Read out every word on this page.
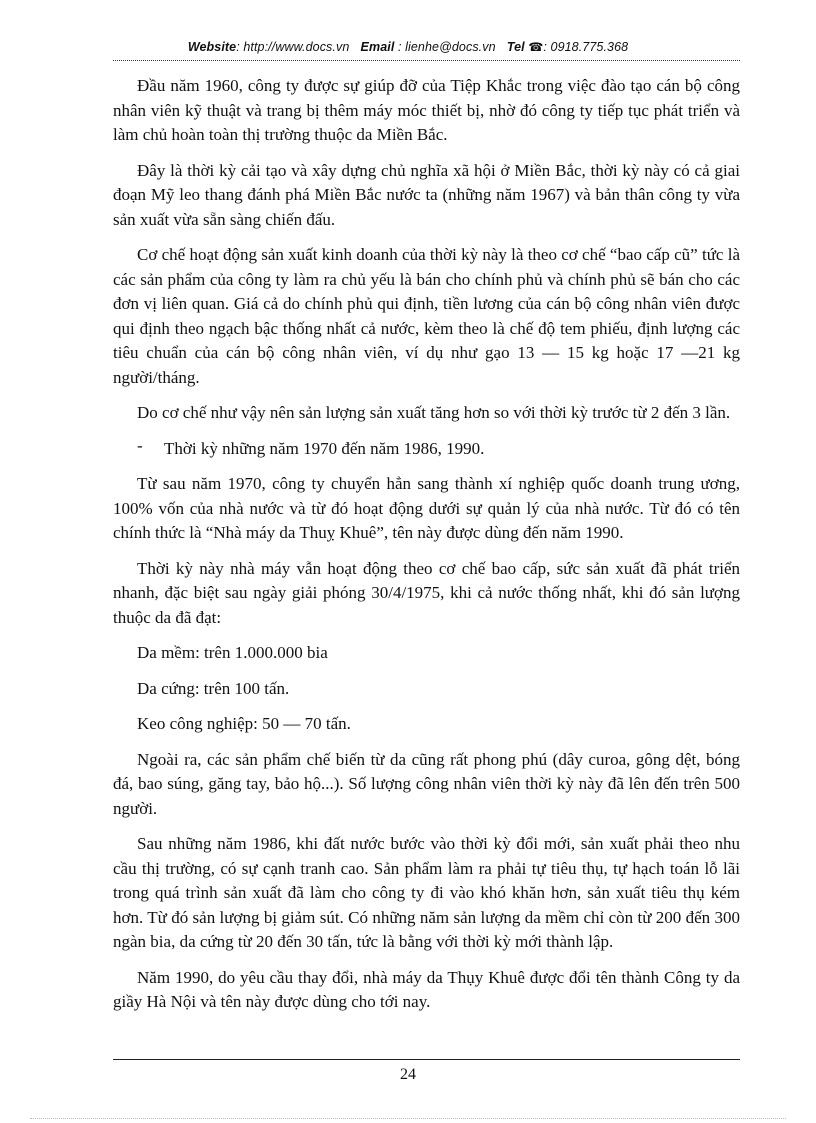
Website: http://www.docs.vn Email : lienhe@docs.vn Tel ☎: 0918.775.368

Đầu năm 1960, công ty được sự giúp đỡ của Tiệp Khắc trong việc đào tạo cán bộ công nhân viên kỹ thuật và trang bị thêm máy móc thiết bị, nhờ đó công ty tiếp tục phát triển và làm chủ hoàn toàn thị trường thuộc da Miền Bắc.

Đây là thời kỳ cải tạo và xây dựng chủ nghĩa xã hội ở Miền Bắc, thời kỳ này có cả giai đoạn Mỹ leo thang đánh phá Miền Bắc nước ta (những năm 1967) và bản thân công ty vừa sản xuất vừa sẵn sàng chiến đấu.

Cơ chế hoạt động sản xuất kinh doanh của thời kỳ này là theo cơ chế “bao cấp cũ” tức là các sản phẩm của công ty làm ra chủ yếu là bán cho chính phủ và chính phủ sẽ bán cho các đơn vị liên quan. Giá cả do chính phủ qui định, tiền lương của cán bộ công nhân viên được qui định theo ngạch bậc thống nhất cả nước, kèm theo là chế độ tem phiếu, định lượng các tiêu chuẩn của cán bộ công nhân viên, ví dụ như gạo 13 — 15 kg hoặc 17 —21 kg người/tháng.

Do cơ chế như vậy nên sản lượng sản xuất tăng hơn so với thời kỳ trước từ 2 đến 3 lần.

- Thời kỳ những năm 1970 đến năm 1986, 1990.

Từ sau năm 1970, công ty chuyển hẳn sang thành xí nghiệp quốc doanh trung ương, 100% vốn của nhà nước và từ đó hoạt động dưới sự quản lý của nhà nước. Từ đó có tên chính thức là “Nhà máy da Thuỵ Khuê”, tên này được dùng đến năm 1990.

Thời kỳ này nhà máy vẫn hoạt động theo cơ chế bao cấp, sức sản xuất đã phát triển nhanh, đặc biệt sau ngày giải phóng 30/4/1975, khi cả nước thống nhất, khi đó sản lượng thuộc da đã đạt:

Da mềm: trên 1.000.000 bia

Da cứng: trên 100 tấn.

Keo công nghiệp: 50 — 70 tấn.

Ngoài ra, các sản phẩm chế biến từ da cũng rất phong phú (dây curoa, gông dệt, bóng đá, bao súng, găng tay, bảo hộ...). Số lượng công nhân viên thời kỳ này đã lên đến trên 500 người.

Sau những năm 1986, khi đất nước bước vào thời kỳ đổi mới, sản xuất phải theo nhu cầu thị trường, có sự cạnh tranh cao. Sản phẩm làm ra phải tự tiêu thụ, tự hạch toán lỗ lãi trong quá trình sản xuất đã làm cho công ty đi vào khó khăn hơn, sản xuất tiêu thụ kém hơn. Từ đó sản lượng bị giảm sút. Có những năm sản lượng da mềm chỉ còn từ 200 đến 300 ngàn bia, da cứng từ 20 đến 30 tấn, tức là bằng với thời kỳ mới thành lập.

Năm 1990, do yêu cầu thay đổi, nhà máy da Thụy Khuê được đổi tên thành Công ty da giầy Hà Nội và tên này được dùng cho tới nay.

24
